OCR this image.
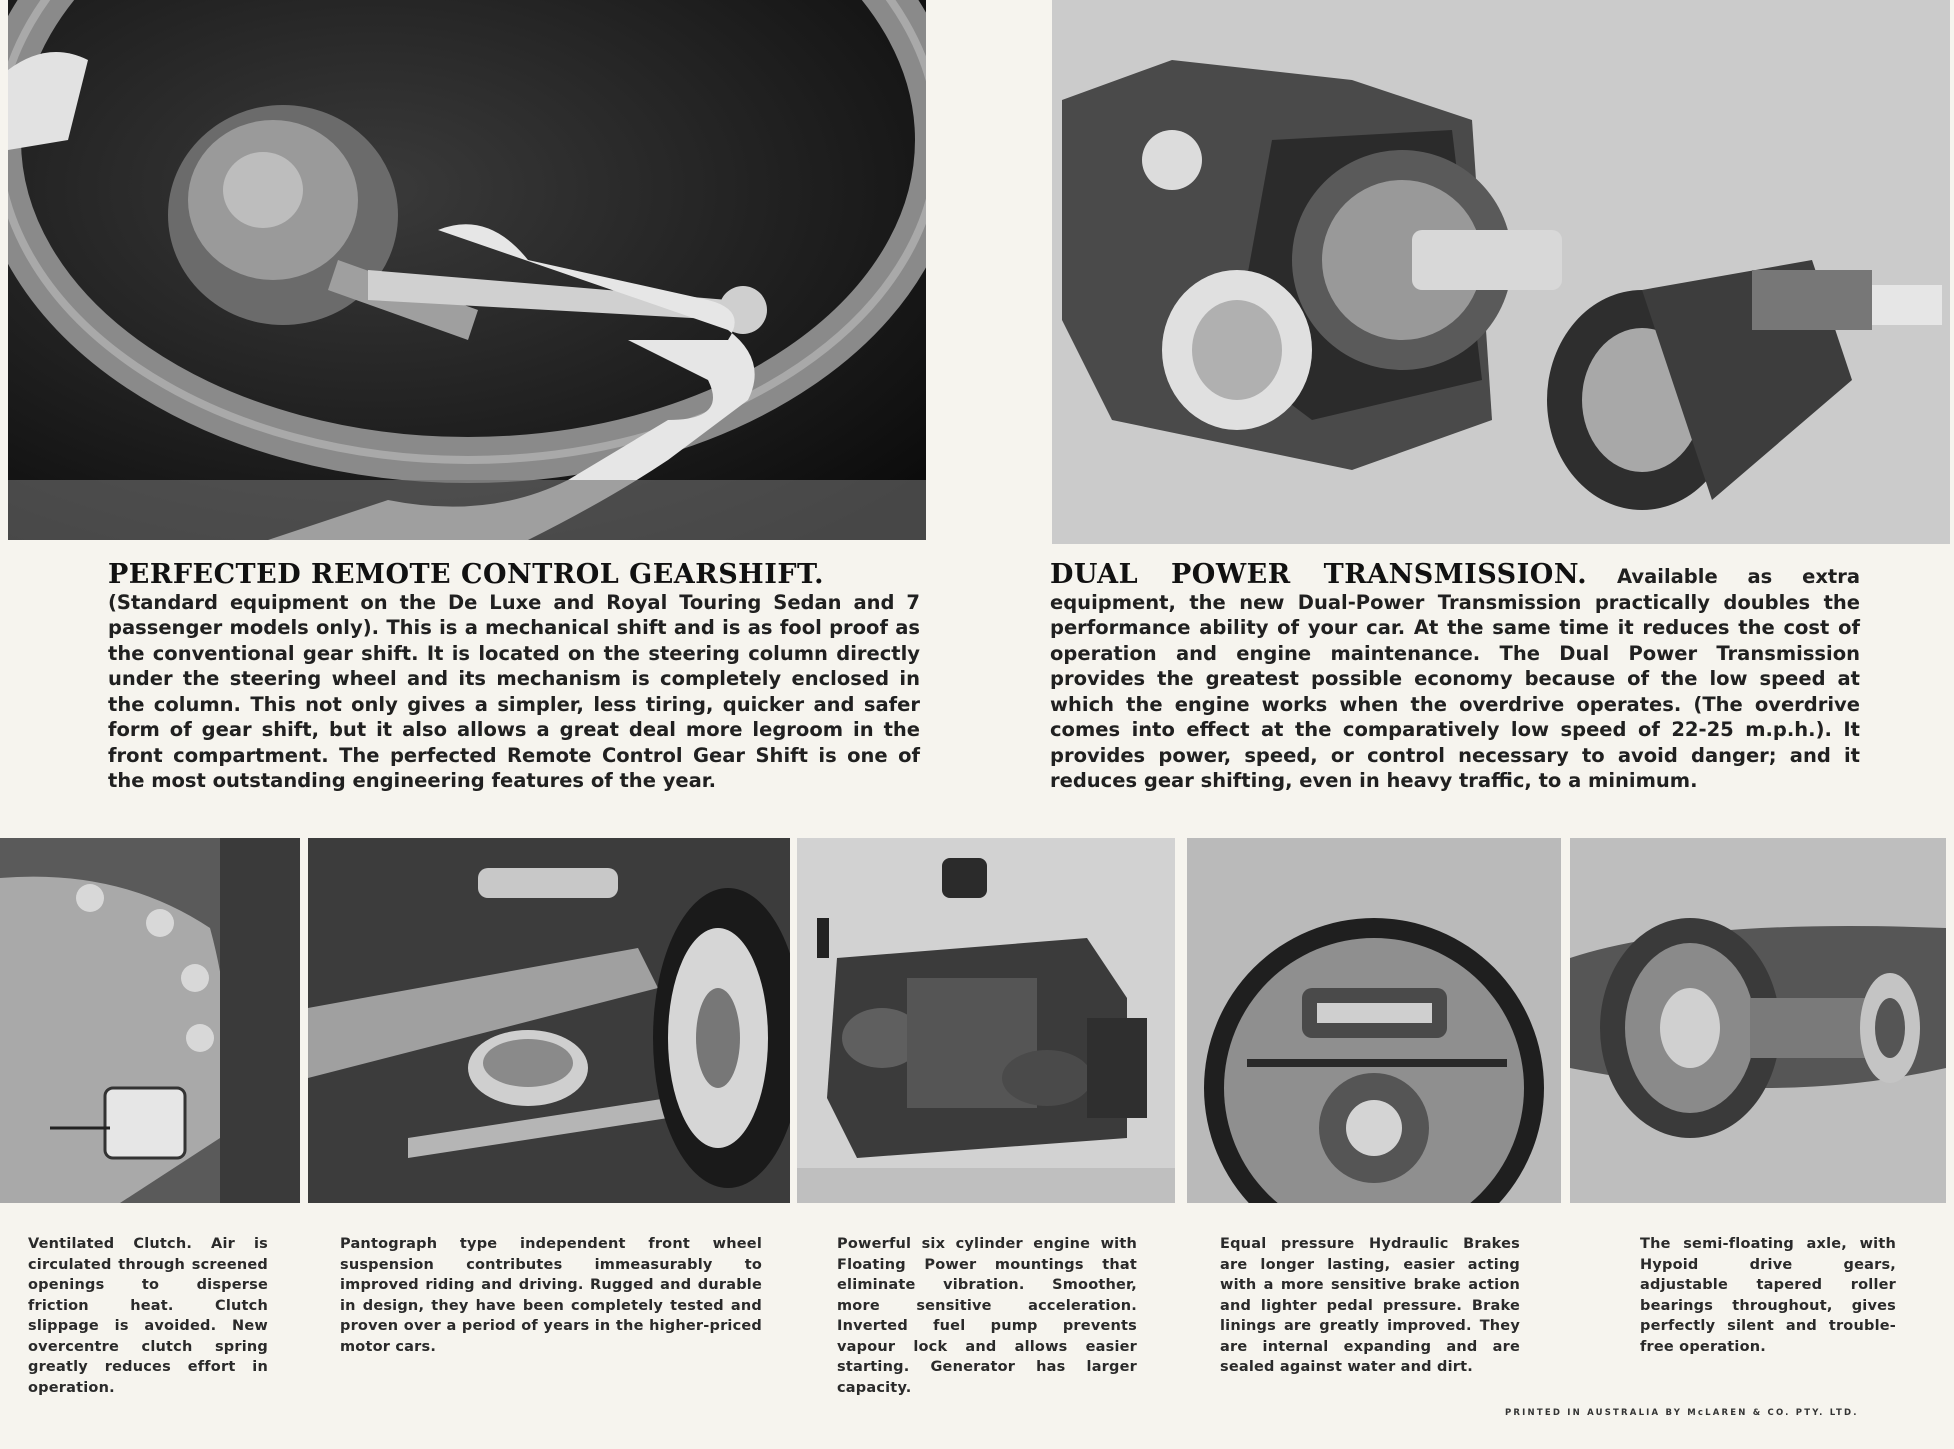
PERFECTED REMOTE CONTROL GEARSHIFT.
(Standard equipment on the De Luxe and Royal Touring Sedan and 7 passenger models only). This is a mechanical shift and is as fool proof as the conventional gear shift. It is located on the steering column directly under the steering wheel and its mechanism is completely enclosed in the column. This not only gives a simpler, less tiring, quicker and safer form of gear shift, but it also allows a great deal more legroom in the front compartment. The perfected Remote Control Gear Shift is one of the most outstanding engineering features of the year.
DUAL POWER TRANSMISSION. Available as extra equipment, the new Dual-Power Transmission practically doubles the performance ability of your car. At the same time it reduces the cost of operation and engine maintenance. The Dual Power Transmission provides the greatest possible economy because of the low speed at which the engine works when the overdrive operates. (The overdrive comes into effect at the comparatively low speed of 22-25 m.p.h.). It provides power, speed, or control necessary to avoid danger; and it reduces gear shifting, even in heavy traffic, to a minimum.

Ventilated Clutch. Air is circulated through screened openings to disperse friction heat. Clutch slippage is avoided. New overcentre clutch spring greatly reduces effort in operation.

Pantograph type independent front wheel suspension contributes immeasurably to improved riding and driving. Rugged and durable in design, they have been completely tested and proven over a period of years in the higher-priced motor cars.

Powerful six cylinder engine with Floating Power mountings that eliminate vibration. Smoother, more sensitive acceleration. Inverted fuel pump prevents vapour lock and allows easier starting. Generator has larger capacity.

Equal pressure Hydraulic Brakes are longer lasting, easier acting with a more sensitive brake action and lighter pedal pressure. Brake linings are greatly improved. They are internal expanding and are sealed against water and dirt.

The semi-floating axle, with Hypoid drive gears, adjustable tapered roller bearings throughout, gives perfectly silent and trouble-free operation.

PRINTED IN AUSTRALIA BY McLAREN & CO. PTY. LTD.
